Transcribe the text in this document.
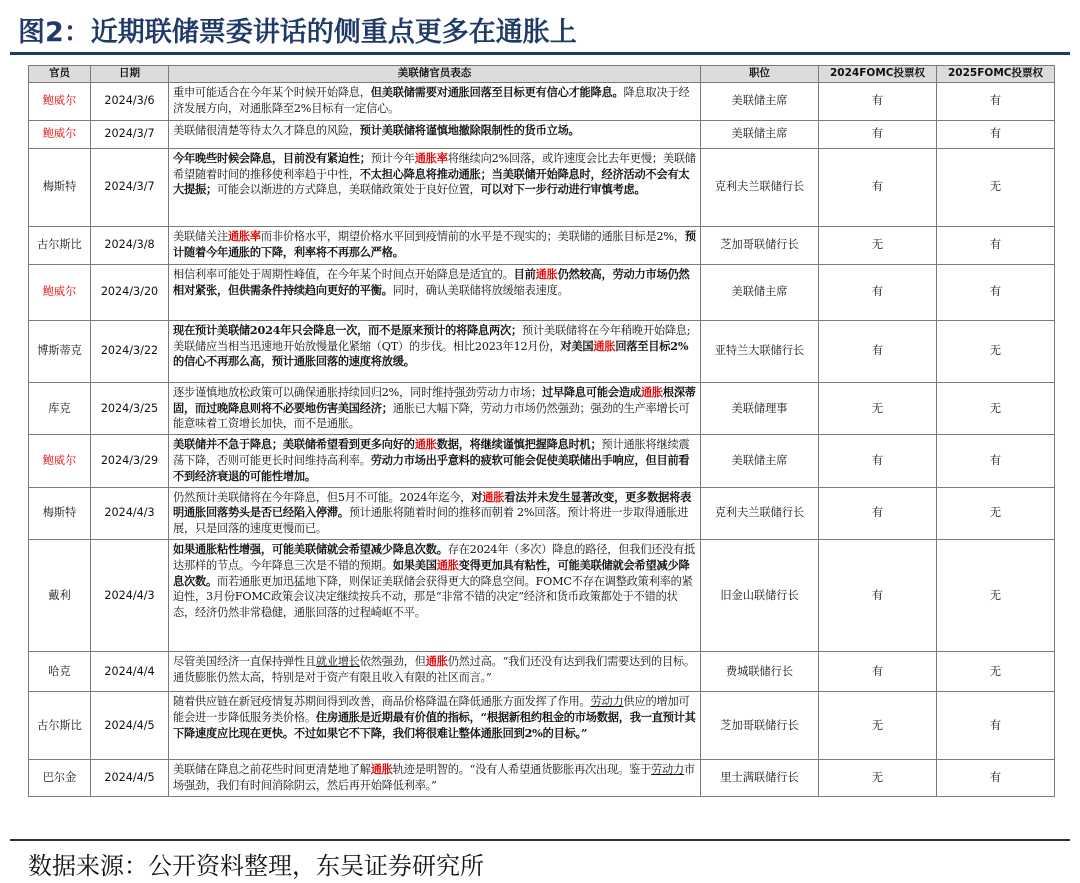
图2：近期联储票委讲话的侧重点更多在通胀上
官员	日期	美联储官员表态	职位	2024FOMC投票权	2025FOMC投票权
鲍威尔	2024/3/6	重申可能适合在今年某个时候开始降息，但美联储需要对通胀回落至目标更有信心才能降息。降息取决于经济发展方向，对通胀降至2%目标有一定信心。	美联储主席	有	有
鲍威尔	2024/3/7	美联储很清楚等待太久才降息的风险，预计美联储将谨慎地撤除限制性的货币立场。	美联储主席	有	有
梅斯特	2024/3/7	今年晚些时候会降息，目前没有紧迫性；预计今年通胀率将继续向2%回落，或许速度会比去年更慢；美联储希望随着时间的推移使利率趋于中性，不太担心降息将推动通胀；当美联储开始降息时，经济活动不会有太大提振；可能会以渐进的方式降息，美联储政策处于良好位置，可以对下一步行动进行审慎考虑。	克利夫兰联储行长	有	无
古尔斯比	2024/3/8	美联储关注通胀率而非价格水平，期望价格水平回到疫情前的水平是不现实的；美联储的通胀目标是2%，预计随着今年通胀的下降，利率将不再那么严格。	芝加哥联储行长	无	有
鲍威尔	2024/3/20	相信利率可能处于周期性峰值，在今年某个时间点开始降息是适宜的。目前通胀仍然较高，劳动力市场仍然相对紧张，但供需条件持续趋向更好的平衡。同时，确认美联储将放缓缩表速度。	美联储主席	有	有
博斯蒂克	2024/3/22	现在预计美联储2024年只会降息一次，而不是原来预计的将降息两次；预计美联储将在今年稍晚开始降息;美联储应当相当迅速地开始放慢量化紧缩（QT）的步伐。相比2023年12月份，对美国通胀回落至目标2%的信心不再那么高，预计通胀回落的速度将放缓。	亚特兰大联储行长	有	无
库克	2024/3/25	逐步谨慎地放松政策可以确保通胀持续回归2%，同时维持强劲劳动力市场；过早降息可能会造成通胀根深蒂固，而过晚降息则将不必要地伤害美国经济；通胀已大幅下降，劳动力市场仍然强劲；强劲的生产率增长可能意味着工资增长加快，而不是通胀。	美联储理事	无	无
鲍威尔	2024/3/29	美联储并不急于降息；美联储希望看到更多向好的通胀数据，将继续谨慎把握降息时机；预计通胀将继续震荡下降，否则可能更长时间维持高利率。劳动力市场出乎意料的疲软可能会促使美联储出手响应，但目前看不到经济衰退的可能性增加。	美联储主席	有	有
梅斯特	2024/4/3	仍然预计美联储将在今年降息，但5月不可能。2024年迄今，对通胀看法并未发生显著改变，更多数据将表明通胀回落势头是否已经陷入停滞。预计通胀将随着时间的推移而朝着 2%回落。预计将进一步取得通胀进展，只是回落的速度更慢而已。	克利夫兰联储行长	有	无
戴利	2024/4/3	如果通胀粘性增强，可能美联储就会希望减少降息次数。存在2024年（多次）降息的路径，但我们还没有抵达那样的节点。今年降息三次是不错的预期。如果美国通胀变得更加具有粘性，可能美联储就会希望减少降息次数。而若通胀更加迅猛地下降，则保证美联储会获得更大的降息空间。FOMC不存在调整政策利率的紧迫性，3月份FOMC政策会议决定继续按兵不动，那是“非常不错的决定”经济和货币政策都处于不错的状态，经济仍然非常稳健，通胀回落的过程崎岖不平。	旧金山联储行长	有	无
哈克	2024/4/4	尽管美国经济一直保持弹性且就业增长依然强劲，但通胀仍然过高。“我们还没有达到我们需要达到的目标。通货膨胀仍然太高，特别是对于资产有限且收入有限的社区而言。”	费城联储行长	有	无
古尔斯比	2024/4/5	随着供应链在新冠疫情复苏期间得到改善，商品价格降温在降低通胀方面发挥了作用。劳动力供应的增加可能会进一步降低服务类价格。住房通胀是近期最有价值的指标，“根据新租约租金的市场数据，我一直预计其下降速度应比现在更快。不过如果它不下降，我们将很难让整体通胀回到2%的目标。”	芝加哥联储行长	无	有
巴尔金	2024/4/5	美联储在降息之前花些时间更清楚地了解通胀轨迹是明智的。“没有人希望通货膨胀再次出现。鉴于劳动力市场强劲，我们有时间消除阴云，然后再开始降低利率。”	里士满联储行长	无	有
数据来源：公开资料整理，东吴证券研究所
